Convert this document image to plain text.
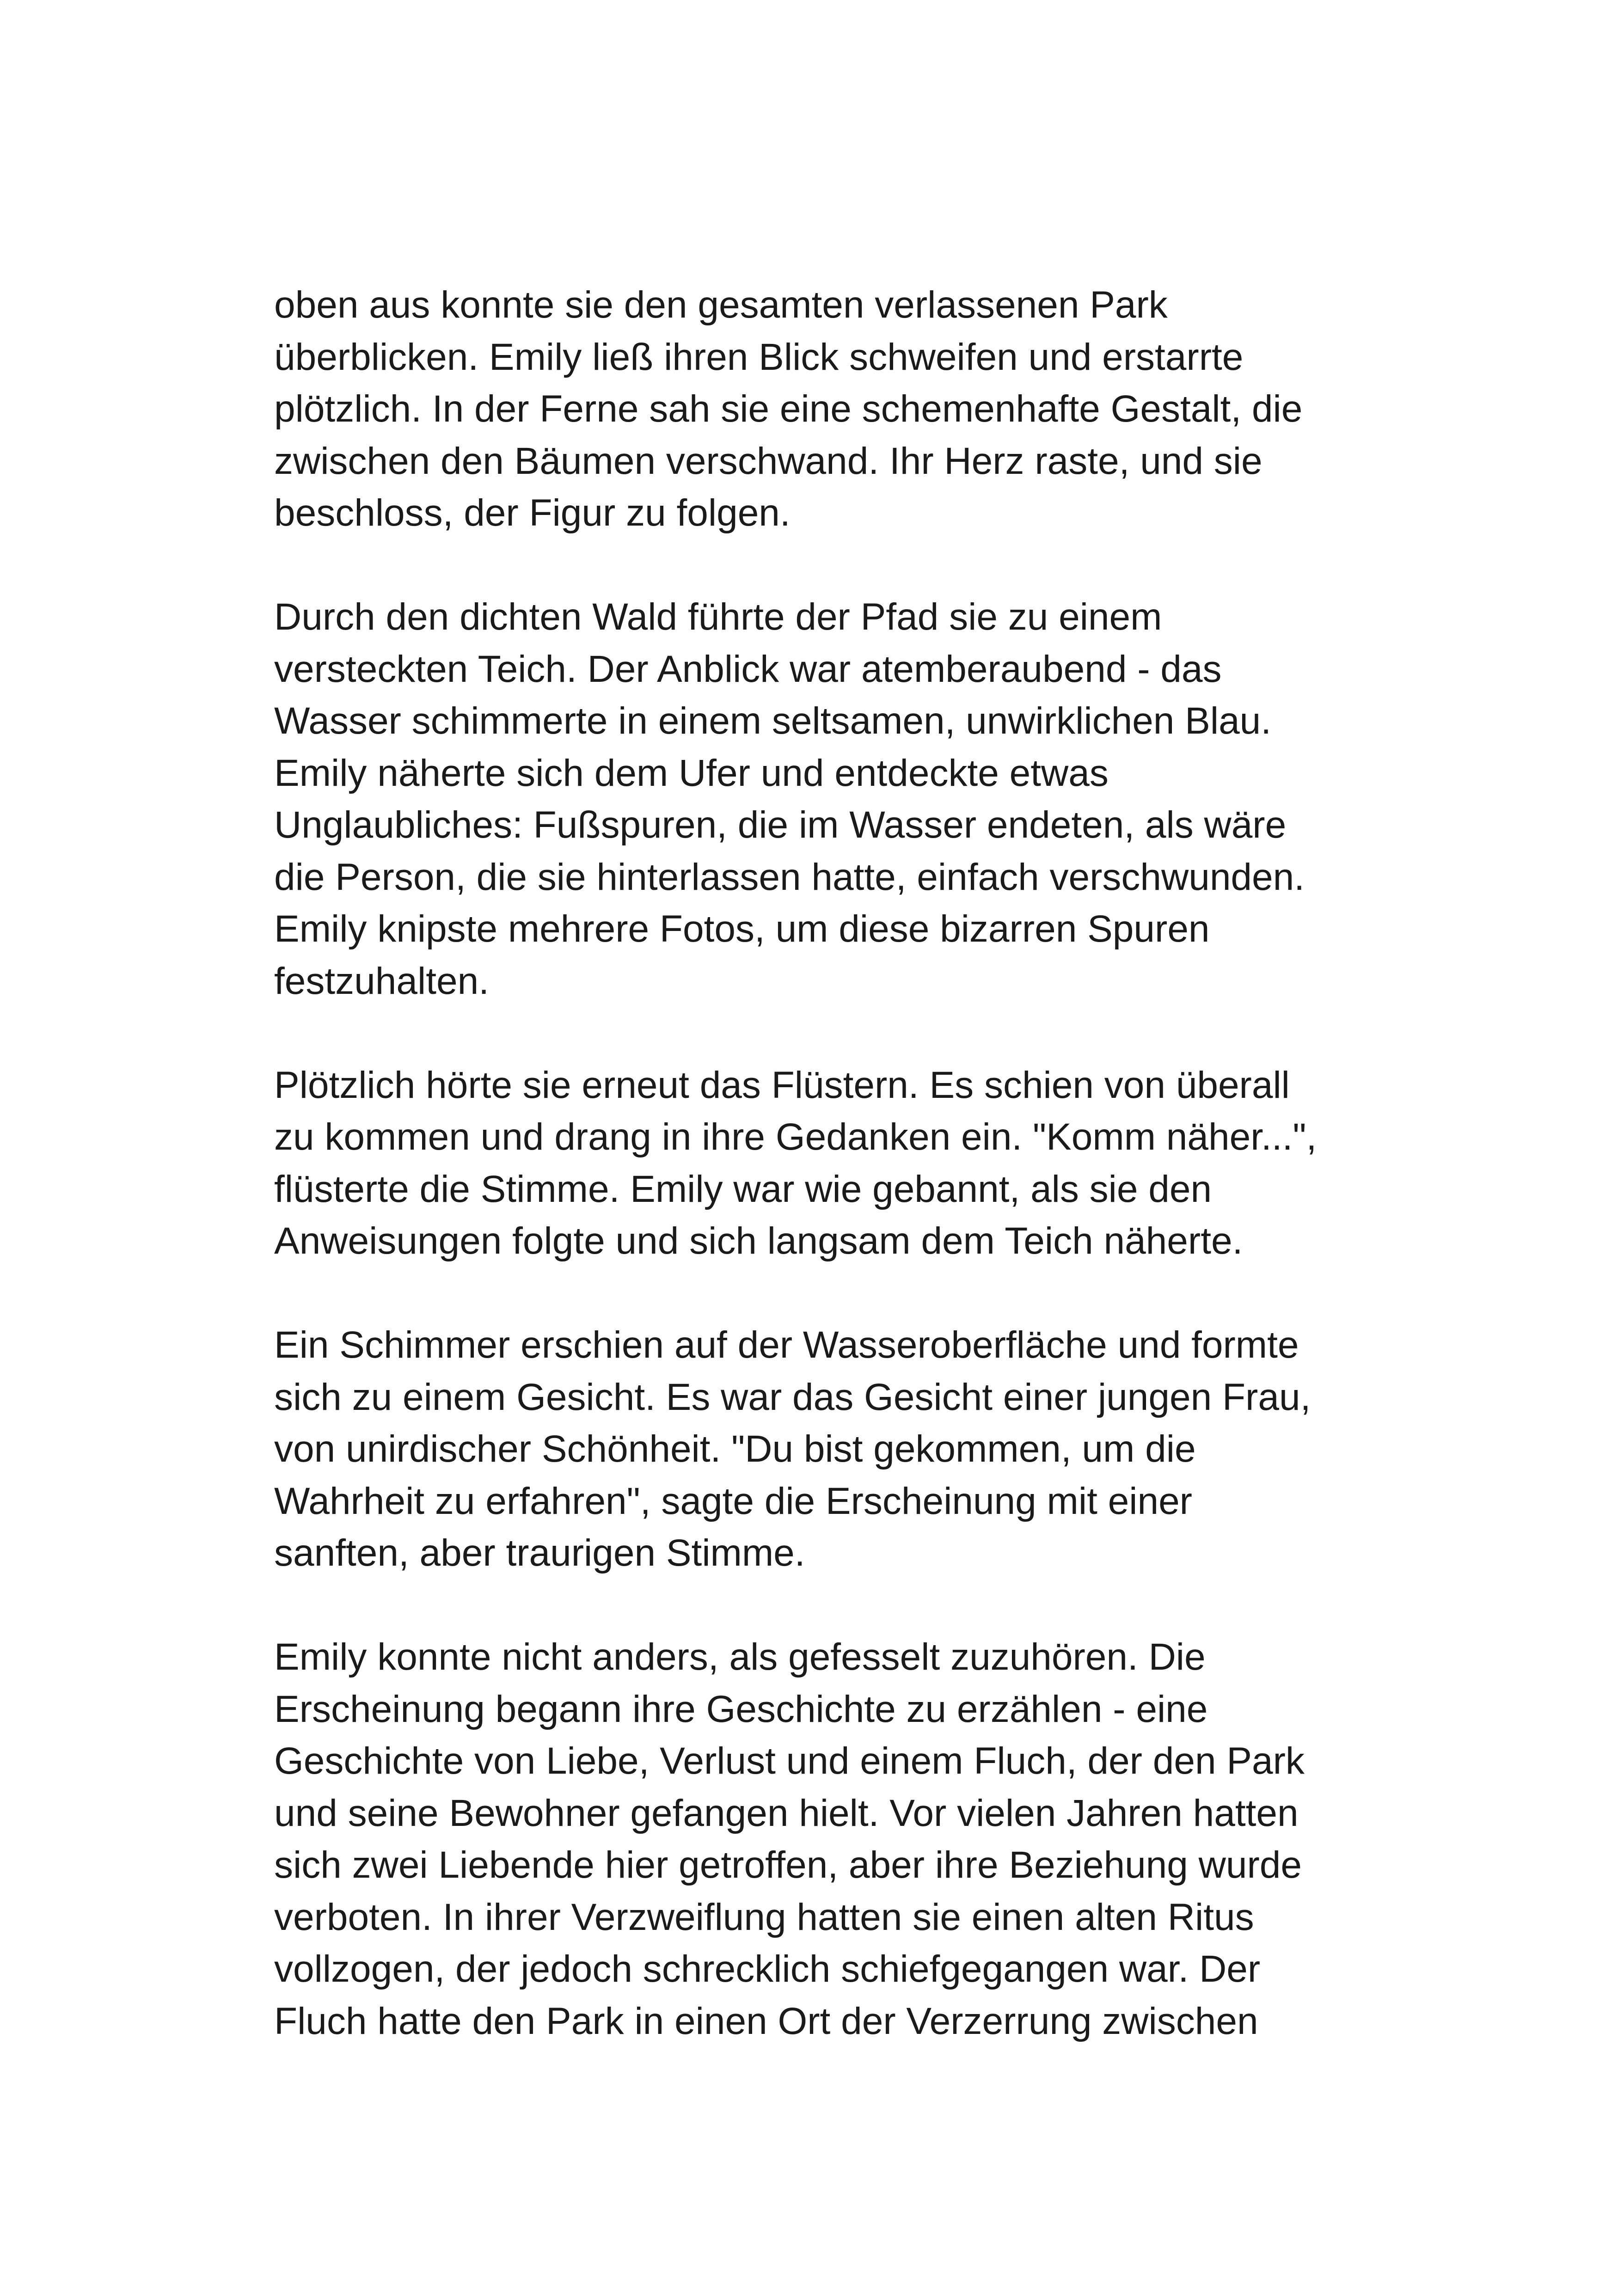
oben aus konnte sie den gesamten verlassenen Park
überblicken. Emily ließ ihren Blick schweifen und erstarrte
plötzlich. In der Ferne sah sie eine schemenhafte Gestalt, die
zwischen den Bäumen verschwand. Ihr Herz raste, und sie
beschloss, der Figur zu folgen.

Durch den dichten Wald führte der Pfad sie zu einem
versteckten Teich. Der Anblick war atemberaubend - das
Wasser schimmerte in einem seltsamen, unwirklichen Blau.
Emily näherte sich dem Ufer und entdeckte etwas
Unglaubliches: Fußspuren, die im Wasser endeten, als wäre
die Person, die sie hinterlassen hatte, einfach verschwunden.
Emily knipste mehrere Fotos, um diese bizarren Spuren
festzuhalten.

Plötzlich hörte sie erneut das Flüstern. Es schien von überall
zu kommen und drang in ihre Gedanken ein. "Komm näher...",
flüsterte die Stimme. Emily war wie gebannt, als sie den
Anweisungen folgte und sich langsam dem Teich näherte.

Ein Schimmer erschien auf der Wasseroberfläche und formte
sich zu einem Gesicht. Es war das Gesicht einer jungen Frau,
von unirdischer Schönheit. "Du bist gekommen, um die
Wahrheit zu erfahren", sagte die Erscheinung mit einer
sanften, aber traurigen Stimme.

Emily konnte nicht anders, als gefesselt zuzuhören. Die
Erscheinung begann ihre Geschichte zu erzählen - eine
Geschichte von Liebe, Verlust und einem Fluch, der den Park
und seine Bewohner gefangen hielt. Vor vielen Jahren hatten
sich zwei Liebende hier getroffen, aber ihre Beziehung wurde
verboten. In ihrer Verzweiflung hatten sie einen alten Ritus
vollzogen, der jedoch schrecklich schiefgegangen war. Der
Fluch hatte den Park in einen Ort der Verzerrung zwischen
